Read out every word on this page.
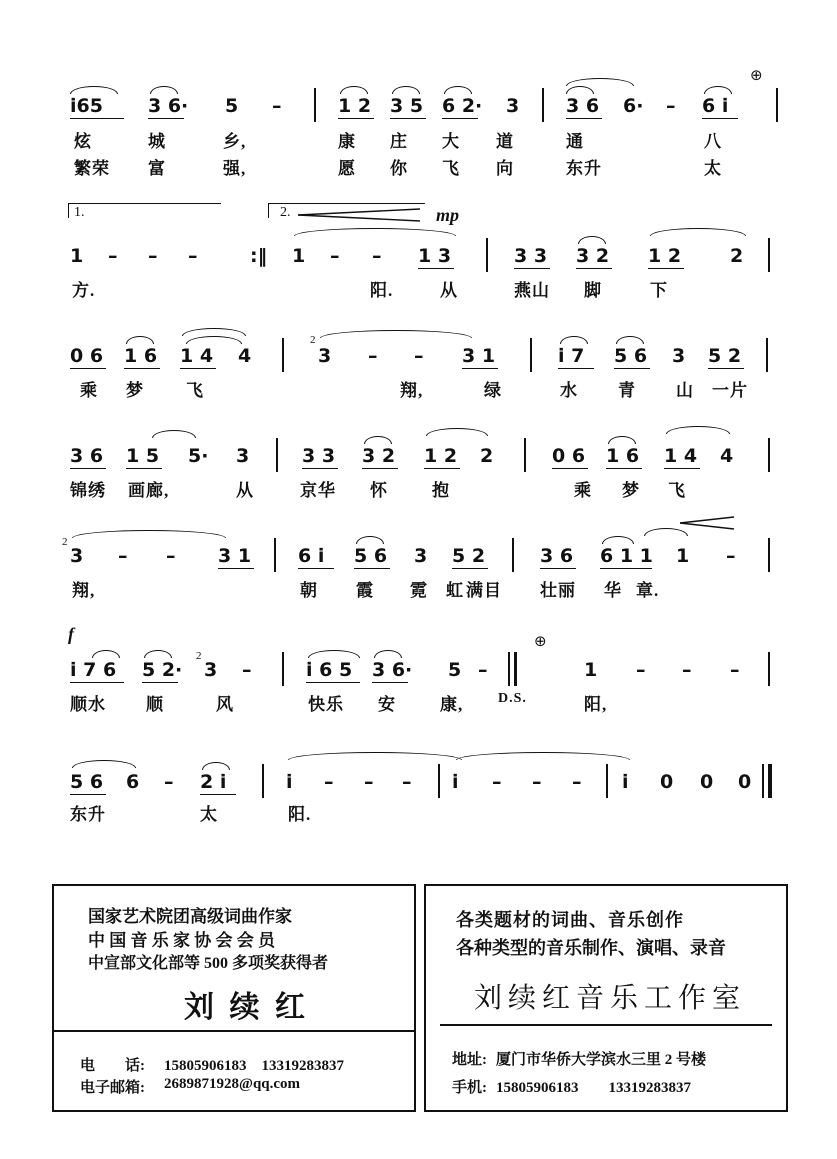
i̇65 3 6· 5 –	1 2 3 5 6 2· 3 3 6 6· – 6 i̇
⊕
炫	城	乡,	康 庄 大 道	通	八
繁荣 富	强,	愿 你 飞 向	东升	太
1.	2.	mp
1 – – –	:‖ 1 – – 1 3	3 3 3 2 1 2	2
方.	阳.	从	燕山 脚	下
0 6 1 6 1 4 4
2
3 – – 3 1	i̇ 7 5 6 3 5 2
乘 梦 飞	翔,	绿	水 青 山 一片
3 6 1 5 5· 3	3 3 3 2 1 2 2	0 6 1 6 1 4 4
锦绣 画廊,	从	京华 怀	抱	乘 梦 飞
2
3 – – 3 1 6 i̇ 5 6 3 5 2	3 6 6 1 1 1 –
翔,	朝 霞 霓 虹 满目 壮丽 华 章.
f
i̇ 7 6 5 2·
2
3 –	i̇ 6 5 3 6· 5 –
⊕
1 – – –
顺水 顺	风	快乐 安	康, D.S.	阳,
5 6 6 – 2 i̇	i̇ – – – i̇ – – – i̇ 0 0 0
东升	太	阳.
国家艺术院团高级词曲作家
中 国 音 乐 家 协 会 会 员
中宣部文化部等 500 多项奖获得者
刘 续 红
电　　话: 15805906183　13319283837
电子邮箱: 2689871928@qq.com
各类题材的词曲、音乐创作
各种类型的音乐制作、演唱、录音
刘续红音乐工作室
地址: 厦门市华侨大学滨水三里 2 号楼
手机: 15805906183　　13319283837
